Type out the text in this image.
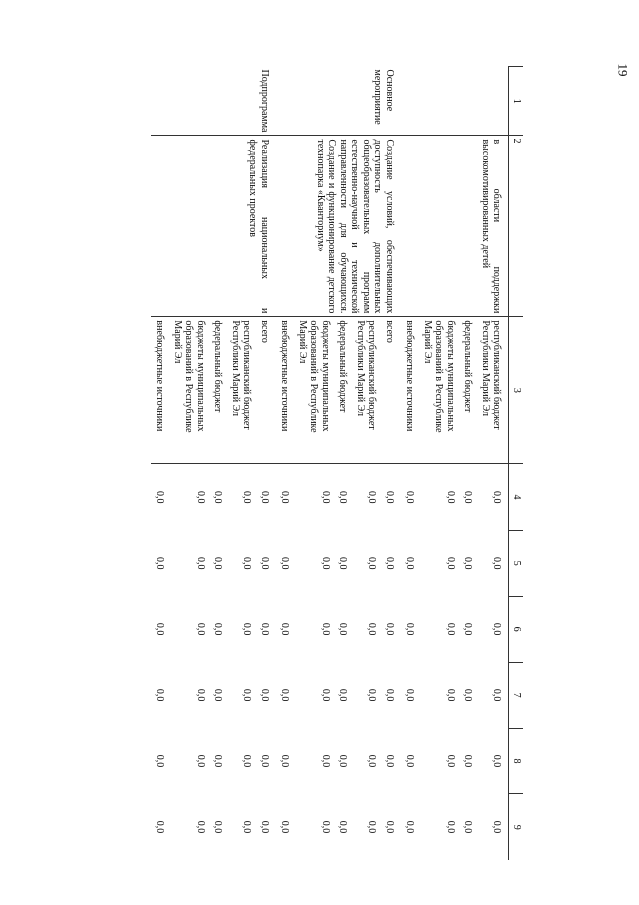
19
1	2	3	4	5	6	7	8	9
	в области поддержки высокомотивированных детей	республиканский бюджет Республики Марий Эл	0,0	0,0	0,0	0,0	0,0	0,0
		федеральный бюджет	0,0	0,0	0,0	0,0	0,0	0,0
		бюджеты муниципальных образований в Республике Марий Эл	0,0	0,0	0,0	0,0	0,0	0,0
		внебюджетные источники	0,0	0,0	0,0	0,0	0,0	0,0
Основное мероприятие	Создание условий, обеспечивающих доступность дополнительных общеобразовательных программ естественно-научной и технической направленности для обучающихся. Создание и функционирование детского технопарка «Кванториум»	всего	0,0	0,0	0,0	0,0	0,0	0,0
		республиканский бюджет Республики Марий Эл	0,0	0,0	0,0	0,0	0,0	0,0
		федеральный бюджет	0,0	0,0	0,0	0,0	0,0	0,0
		бюджеты муниципальных образований в Республике Марий Эл	0,0	0,0	0,0	0,0	0,0	0,0
		внебюджетные источники	0,0	0,0	0,0	0,0	0,0	0,0
Подпрограмма	Реализация национальных и федеральных проектов	всего	0,0	0,0	0,0	0,0	0,0	0,0
		республиканский бюджет Республики Марий Эл	0,0	0,0	0,0	0,0	0,0	0,0
		федеральный бюджет	0,0	0,0	0,0	0,0	0,0	0,0
		бюджеты муниципальных образований в Республике Марий Эл	0,0	0,0	0,0	0,0	0,0	0,0
		внебюджетные источники	0,0	0,0	0,0	0,0	0,0	0,0
